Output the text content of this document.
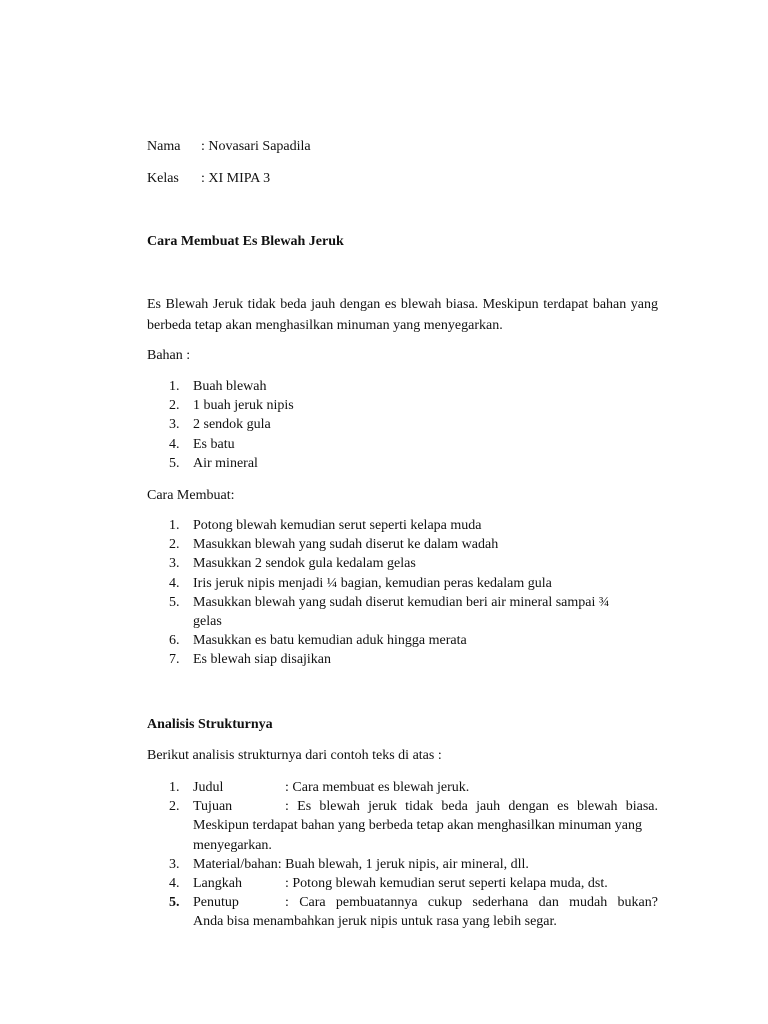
Nama : Novasari Sapadila
Kelas : XI MIPA 3
Cara Membuat Es Blewah Jeruk
Es Blewah Jeruk tidak beda jauh dengan es blewah biasa. Meskipun terdapat bahan yang berbeda tetap akan menghasilkan minuman yang menyegarkan.
Bahan :
1. Buah blewah
2. 1 buah jeruk nipis
3. 2 sendok gula
4. Es batu
5. Air mineral
Cara Membuat:
1. Potong blewah kemudian serut seperti kelapa muda
2. Masukkan blewah yang sudah diserut ke dalam wadah
3. Masukkan 2 sendok gula kedalam gelas
4. Iris jeruk nipis menjadi ¼ bagian, kemudian peras kedalam gula
5. Masukkan blewah yang sudah diserut kemudian beri air mineral sampai ¾ gelas
6. Masukkan es batu kemudian aduk hingga merata
7. Es blewah siap disajikan
Analisis Strukturnya
Berikut analisis strukturnya dari contoh teks di atas :
1. Judul	: Cara membuat es blewah jeruk.
2. Tujuan	: Es blewah jeruk tidak beda jauh dengan es blewah biasa.
Meskipun terdapat bahan yang berbeda tetap akan menghasilkan minuman yang menyegarkan.
3. Material/bahan: Buah blewah, 1 jeruk nipis, air mineral, dll.
4. Langkah	: Potong blewah kemudian serut seperti kelapa muda, dst.
5. Penutup	: Cara pembuatannya cukup sederhana dan mudah bukan?
Anda bisa menambahkan jeruk nipis untuk rasa yang lebih segar.
